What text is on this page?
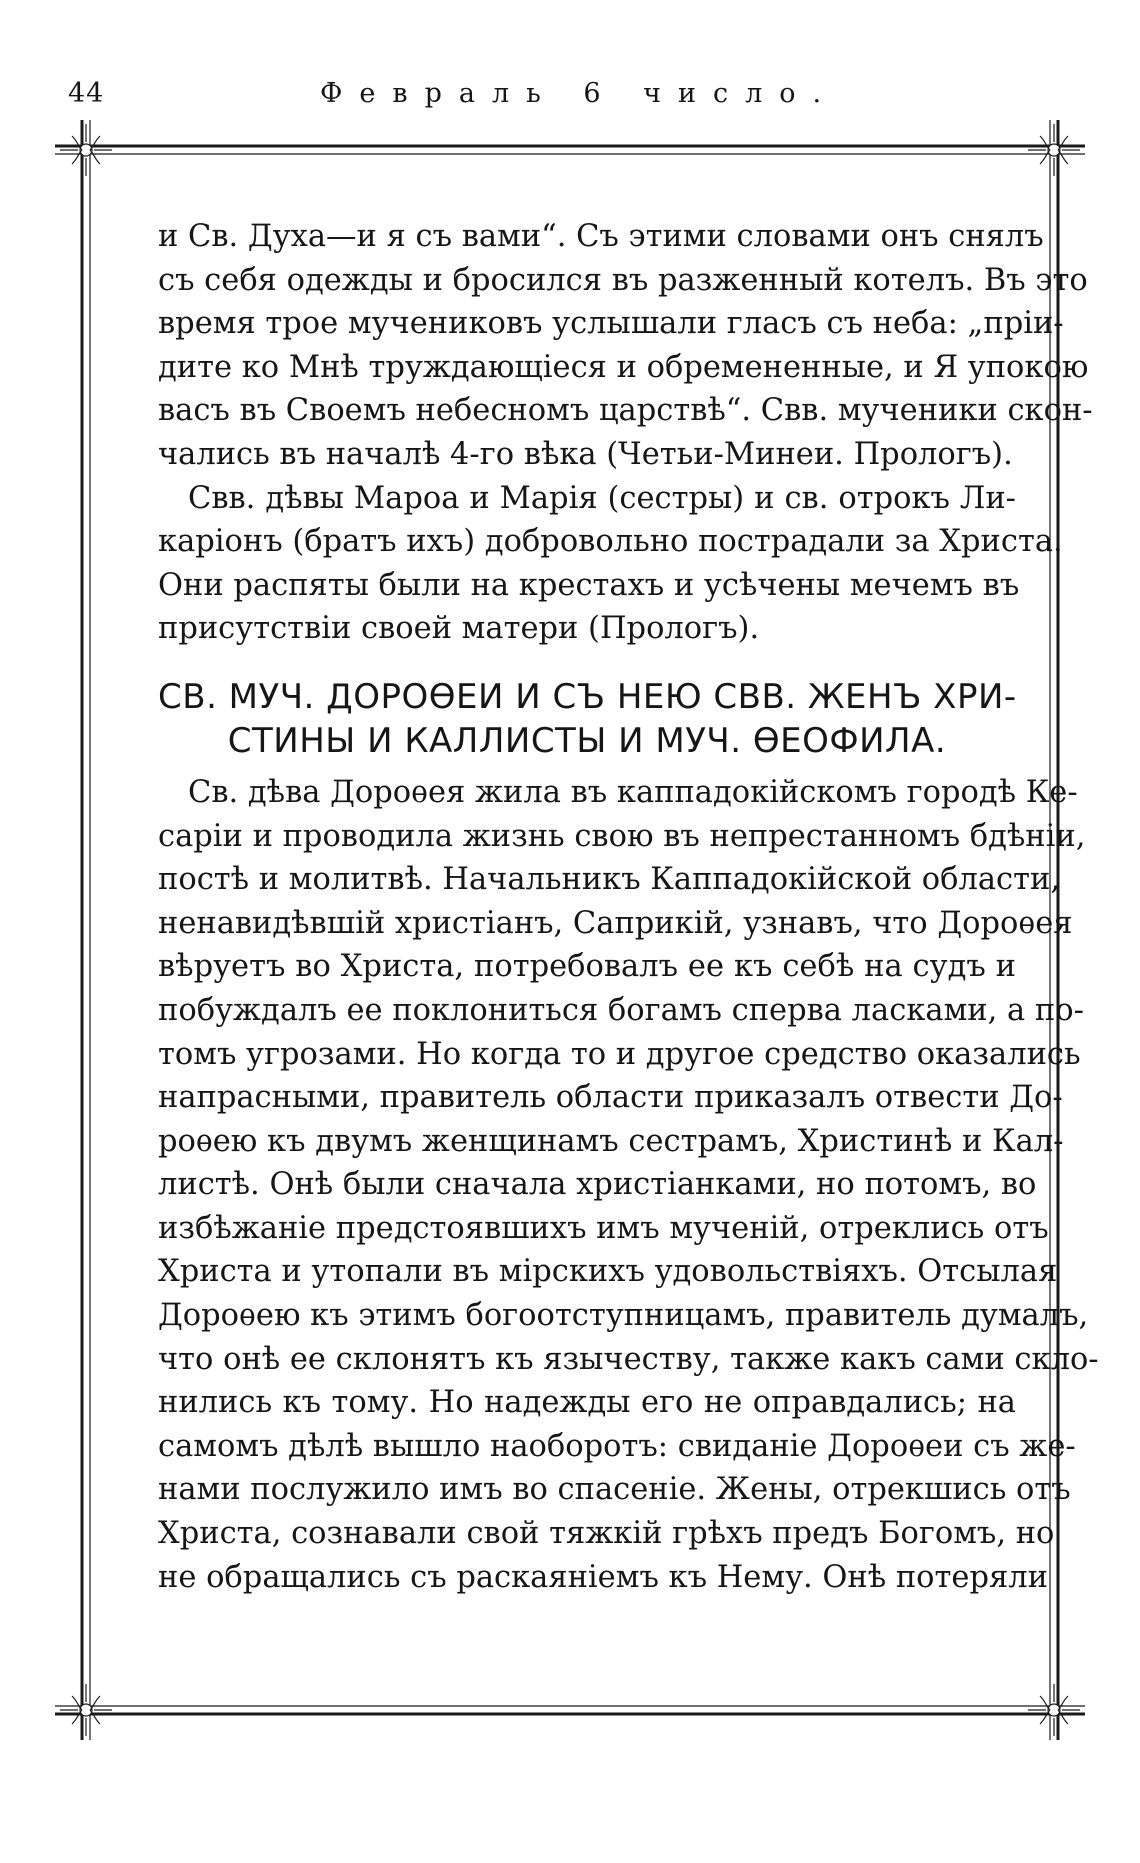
44	Февраль 6 число.

и Св. Духа—и я съ вами“. Съ этими словами онъ снялъ
съ себя одежды и бросился въ разженный котелъ. Въ это
время трое мучениковъ услышали гласъ съ неба: „пріи-
дите ко Мнѣ труждающіеся и обремененные, и Я упокою
васъ въ Своемъ небесномъ царствѣ“. Свв. мученики скон-
чались въ началѣ 4-го вѣка (Четьи-Минеи. Прологъ).

Свв. дѣвы Мароа и Марія (сестры) и св. отрокъ Ли-
каріонъ (братъ ихъ) добровольно пострадали за Христа.
Они распяты были на крестахъ и усѣчены мечемъ въ
присутствіи своей матери (Прологъ).

СВ. МУЧ. ДОРОѲЕИ И СЪ НЕЮ СВВ. ЖЕНЪ ХРИ-
СТИНЫ И КАЛЛИСТЫ И МУЧ. ѲЕОФИЛА.

Св. дѣва Дороѳея жила въ каппадокійскомъ городѣ Ке-
саріи и проводила жизнь свою въ непрестанномъ бдѣніи,
постѣ и молитвѣ. Начальникъ Каппадокійской области,
ненавидѣвшій христіанъ, Саприкій, узнавъ, что Дороѳея
вѣруетъ во Христа, потребовалъ ее къ себѣ на судъ и
побуждалъ ее поклониться богамъ сперва ласками, а по-
томъ угрозами. Но когда то и другое средство оказались
напрасными, правитель области приказалъ отвести До-
роѳею къ двумъ женщинамъ сестрамъ, Христинѣ и Кал-
листѣ. Онѣ были сначала христіанками, но потомъ, во
избѣжаніе предстоявшихъ имъ мученій, отреклись отъ
Христа и утопали въ мірскихъ удовольствіяхъ. Отсылая
Дороѳею къ этимъ богоотступницамъ, правитель думалъ,
что онѣ ее склонятъ къ язычеству, также какъ сами скло-
нились къ тому. Но надежды его не оправдались; на
самомъ дѣлѣ вышло наоборотъ: свиданіе Дороѳеи съ же-
нами послужило имъ во спасеніе. Жены, отрекшись отъ
Христа, сознавали свой тяжкій грѣхъ предъ Богомъ, но
не обращались съ раскаяніемъ къ Нему. Онѣ потеряли
